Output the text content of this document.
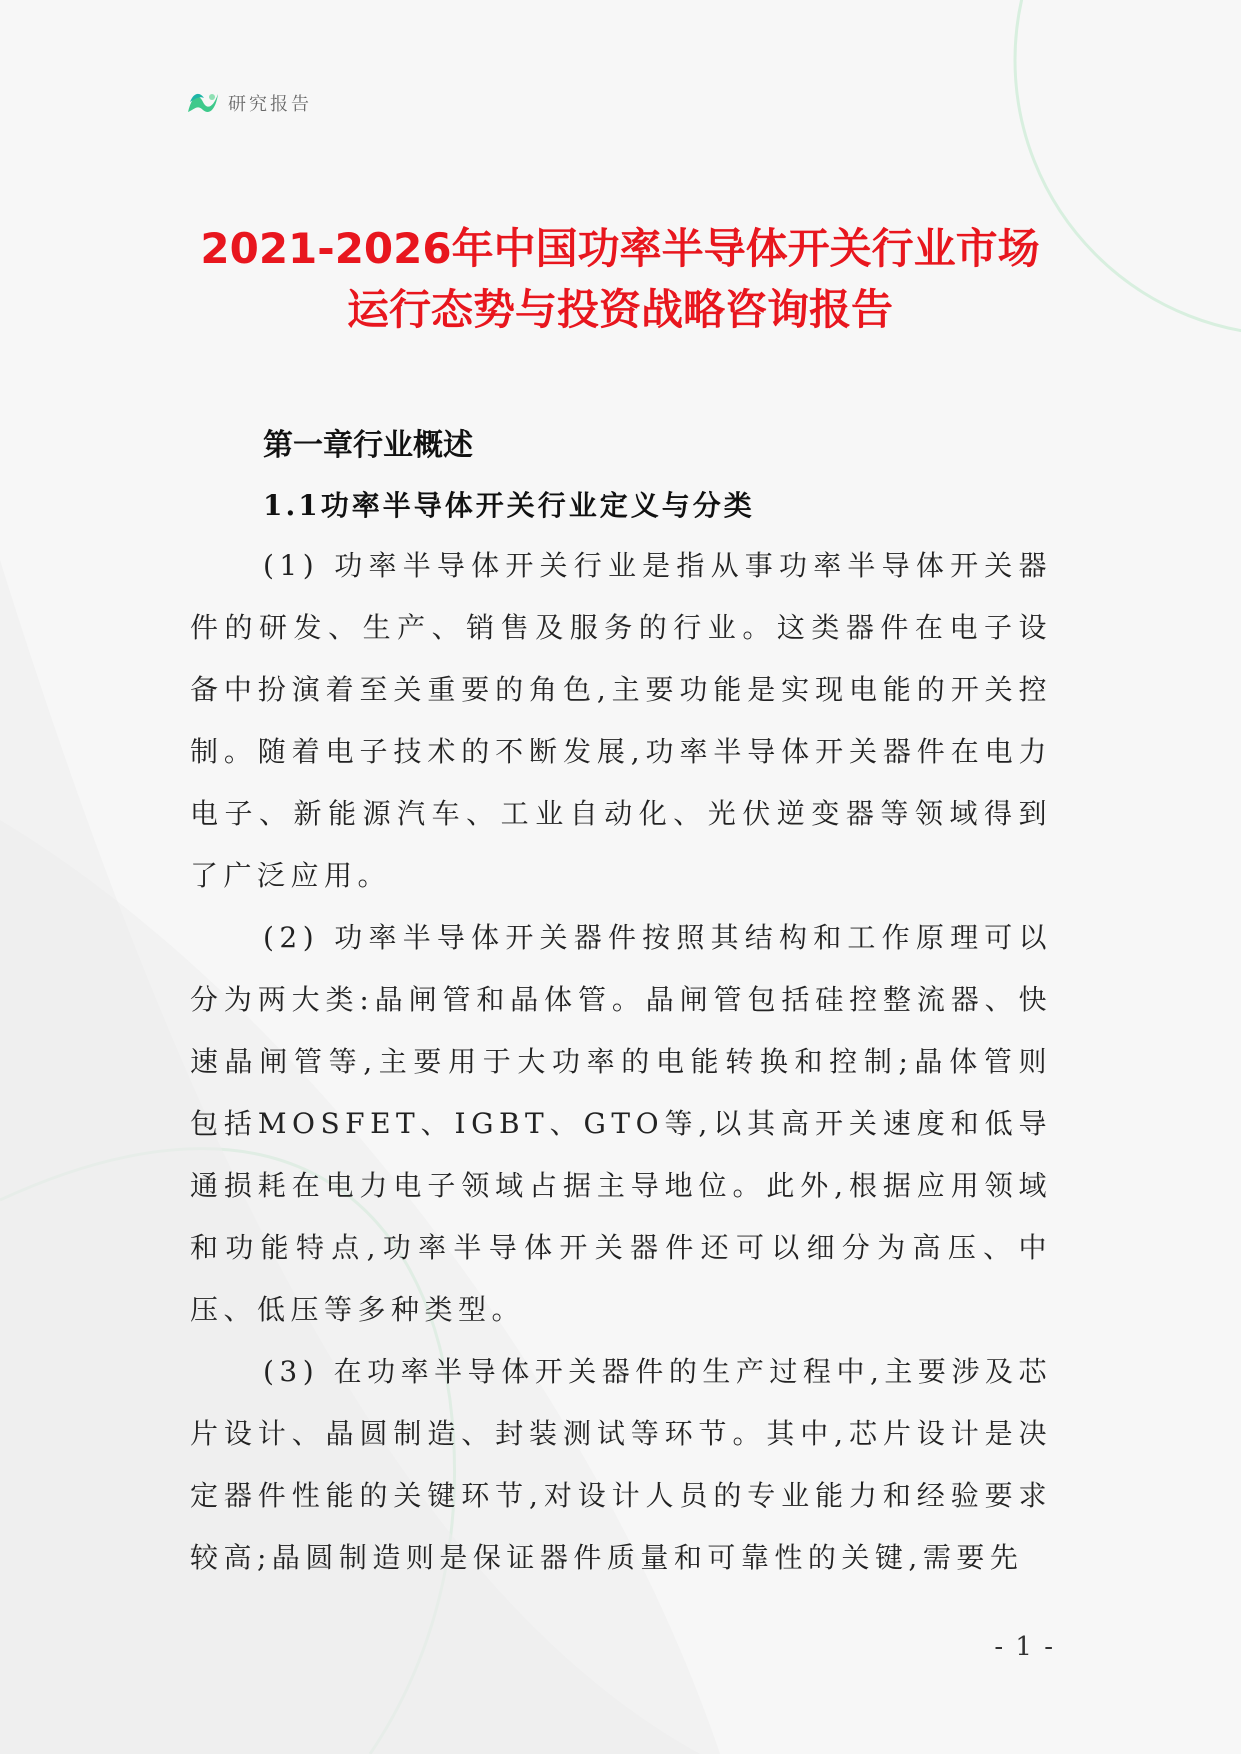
研究报告
2021-2026年中国功率半导体开关行业市场
运行态势与投资战略咨询报告
第一章行业概述
1.1功率半导体开关行业定义与分类

(1) 功率半导体开关行业是指从事功率半导体开关器件的研发、生产、销售及服务的行业。这类器件在电子设备中扮演着至关重要的角色,主要功能是实现电能的开关控制。随着电子技术的不断发展,功率半导体开关器件在电力电子、新能源汽车、工业自动化、光伏逆变器等领域得到了广泛应用。

(2) 功率半导体开关器件按照其结构和工作原理可以分为两大类:晶闸管和晶体管。晶闸管包括硅控整流器、快速晶闸管等,主要用于大功率的电能转换和控制;晶体管则包括MOSFET、IGBT、GTO等,以其高开关速度和低导通损耗在电力电子领域占据主导地位。此外,根据应用领域和功能特点,功率半导体开关器件还可以细分为高压、中压、低压等多种类型。

(3) 在功率半导体开关器件的生产过程中,主要涉及芯片设计、晶圆制造、封装测试等环节。其中,芯片设计是决定器件性能的关键环节,对设计人员的专业能力和经验要求较高;晶圆制造则是保证器件质量和可靠性的关键,需要先

- 1 -
